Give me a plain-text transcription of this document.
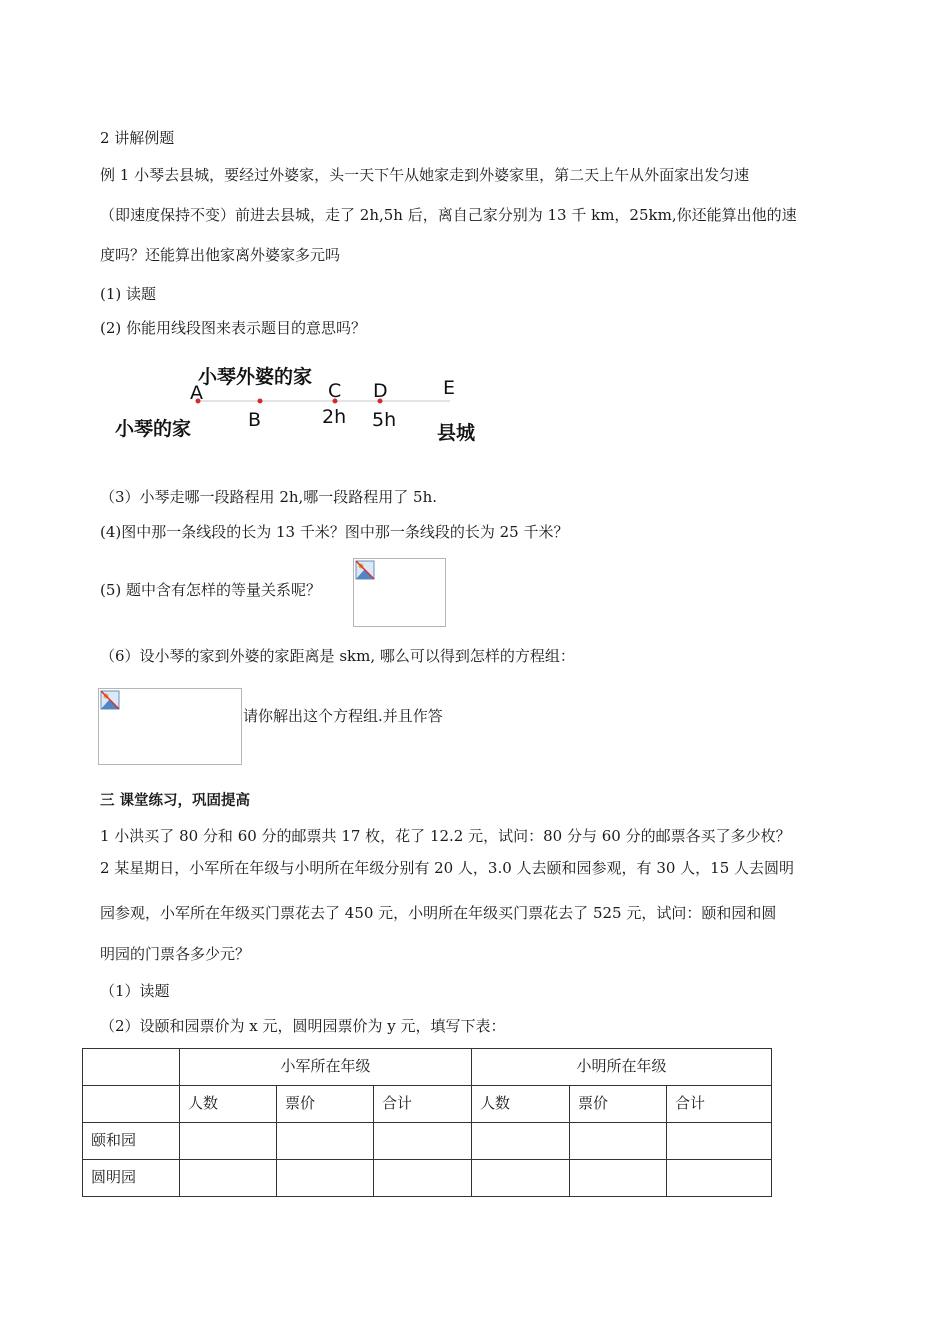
2 讲解例题
例 1 小琴去县城，要经过外婆家，头一天下午从她家走到外婆家里，第二天上午从外面家出发匀速
（即速度保持不变）前进去县城，走了 2h,5h 后，离自己家分别为 13 千 km，25km,你还能算出他的速
度吗？还能算出他家离外婆家多元吗
(1) 读题
(2) 你能用线段图来表示题目的意思吗？
小琴外婆的家
A	C D	E
小琴的家	B	2h 5h
县城
（3）小琴走哪一段路程用 2h,哪一段路程用了 5h.
(4)图中那一条线段的长为 13 千米？图中那一条线段的长为 25 千米？
(5) 题中含有怎样的等量关系呢？
（6）设小琴的家到外婆的家距离是 skm, 哪么可以得到怎样的方程组：
请你解出这个方程组.并且作答
三 课堂练习，巩固提高
1 小洪买了 80 分和 60 分的邮票共 17 枚，花了 12.2 元，试问：80 分与 60 分的邮票各买了多少枚？
2 某星期日，小军所在年级与小明所在年级分别有 20 人，3.0 人去颐和园参观，有 30 人，15 人去圆明
园参观，小军所在年级买门票花去了 450 元，小明所在年级买门票花去了 525 元，试问：颐和园和圆
明园的门票各多少元？
（1）读题
（2）设颐和园票价为 x 元，圆明园票价为 y 元，填写下表：
	小军所在年级			小明所在年级		
	人数	票价	合计	人数	票价	合计
颐和园						
圆明园						
